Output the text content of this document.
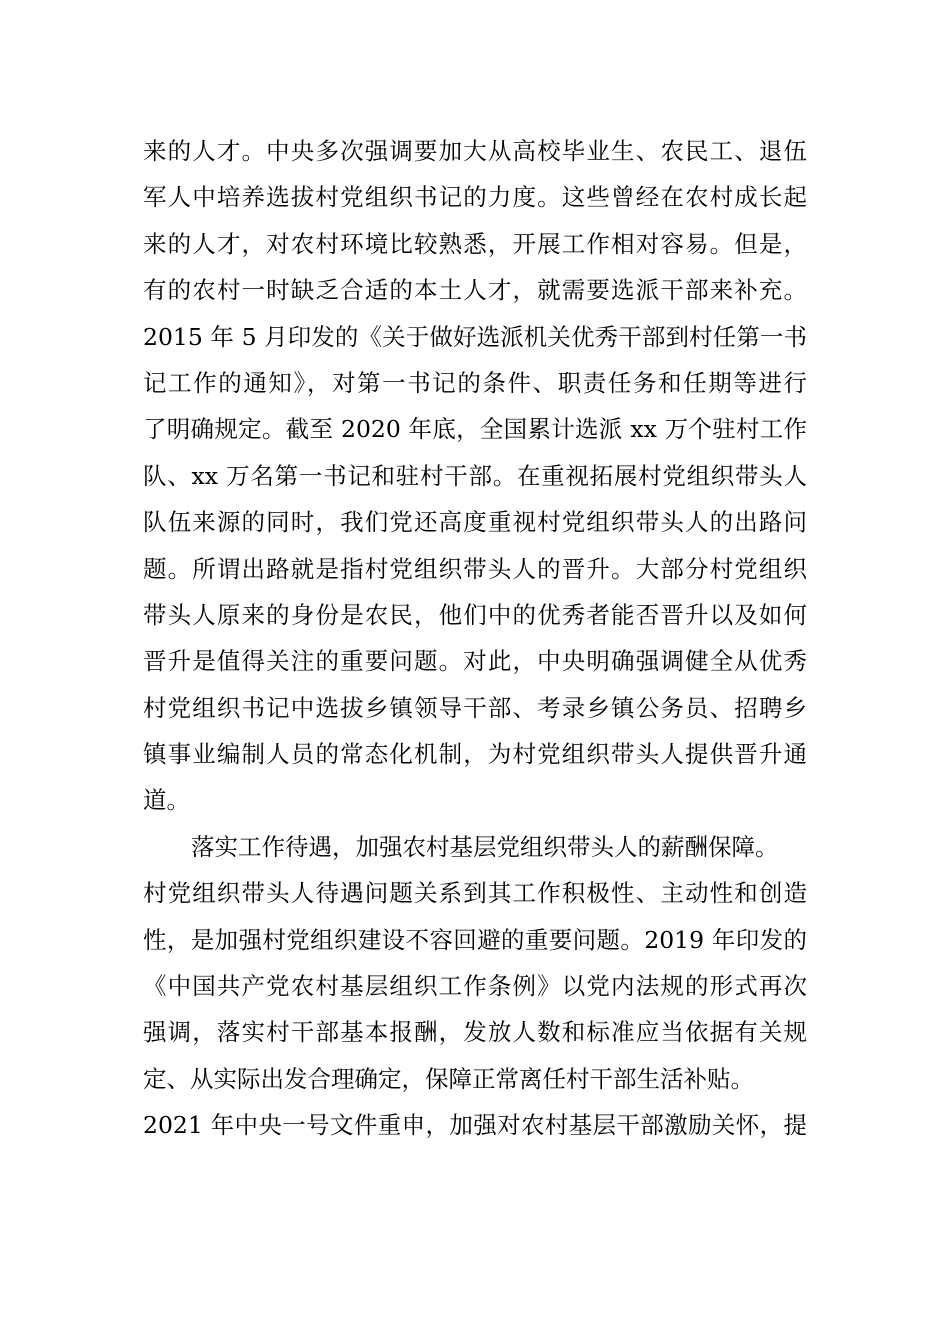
来的人才。中央多次强调要加大从高校毕业生、农民工、退伍
军人中培养选拔村党组织书记的力度。这些曾经在农村成长起
来的人才，对农村环境比较熟悉，开展工作相对容易。但是，
有的农村一时缺乏合适的本土人才，就需要选派干部来补充。
2015 年 5 月印发的《关于做好选派机关优秀干部到村任第一书
记工作的通知》，对第一书记的条件、职责任务和任期等进行
了明确规定。截至 2020 年底，全国累计选派 xx 万个驻村工作
队、xx 万名第一书记和驻村干部。在重视拓展村党组织带头人
队伍来源的同时，我们党还高度重视村党组织带头人的出路问
题。所谓出路就是指村党组织带头人的晋升。大部分村党组织
带头人原来的身份是农民，他们中的优秀者能否晋升以及如何
晋升是值得关注的重要问题。对此，中央明确强调健全从优秀
村党组织书记中选拔乡镇领导干部、考录乡镇公务员、招聘乡
镇事业编制人员的常态化机制，为村党组织带头人提供晋升通
道。
落实工作待遇，加强农村基层党组织带头人的薪酬保障。
村党组织带头人待遇问题关系到其工作积极性、主动性和创造
性，是加强村党组织建设不容回避的重要问题。2019 年印发的
《中国共产党农村基层组织工作条例》以党内法规的形式再次
强调，落实村干部基本报酬，发放人数和标准应当依据有关规
定、从实际出发合理确定，保障正常离任村干部生活补贴。
2021 年中央一号文件重申，加强对农村基层干部激励关怀，提
